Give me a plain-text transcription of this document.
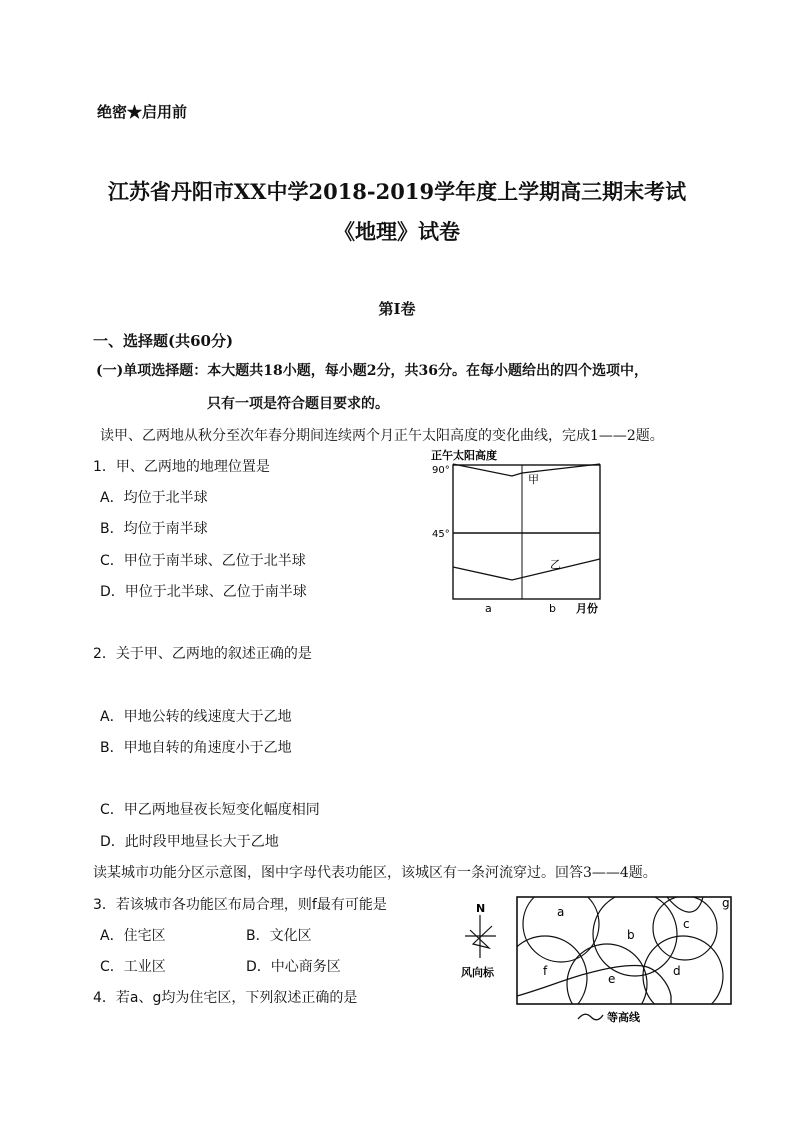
绝密★启用前
江苏省丹阳市XX中学2018-2019学年度上学期高三期末考试
《地理》试卷
第Ⅰ卷
一、选择题(共60分)
(一)单项选择题：本大题共18小题，每小题2分，共36分。在每小题给出的四个选项中，
只有一项是符合题目要求的。
读甲、乙两地从秋分至次年春分期间连续两个月正午太阳高度的变化曲线，完成1——2题。
1．甲、乙两地的地理位置是
A．均位于北半球
B．均位于南半球
C．甲位于南半球、乙位于北半球
D．甲位于北半球、乙位于南半球
正午太阳高度
90°
45°
甲
乙
a	b 月份
2．关于甲、乙两地的叙述正确的是
A．甲地公转的线速度大于乙地
B．甲地自转的角速度小于乙地
C．甲乙两地昼夜长短变化幅度相同
D．此时段甲地昼长大于乙地
读某城市功能分区示意图，图中字母代表功能区，该城区有一条河流穿过。回答3——4题。
3．若该城市各功能区布局合理，则f最有可能是
A．住宅区	B．文化区
C．工业区	D．中心商务区
4．若a、g均为住宅区，下列叙述正确的是
N
风向标
a
b
c
d
e
f
g
等高线
